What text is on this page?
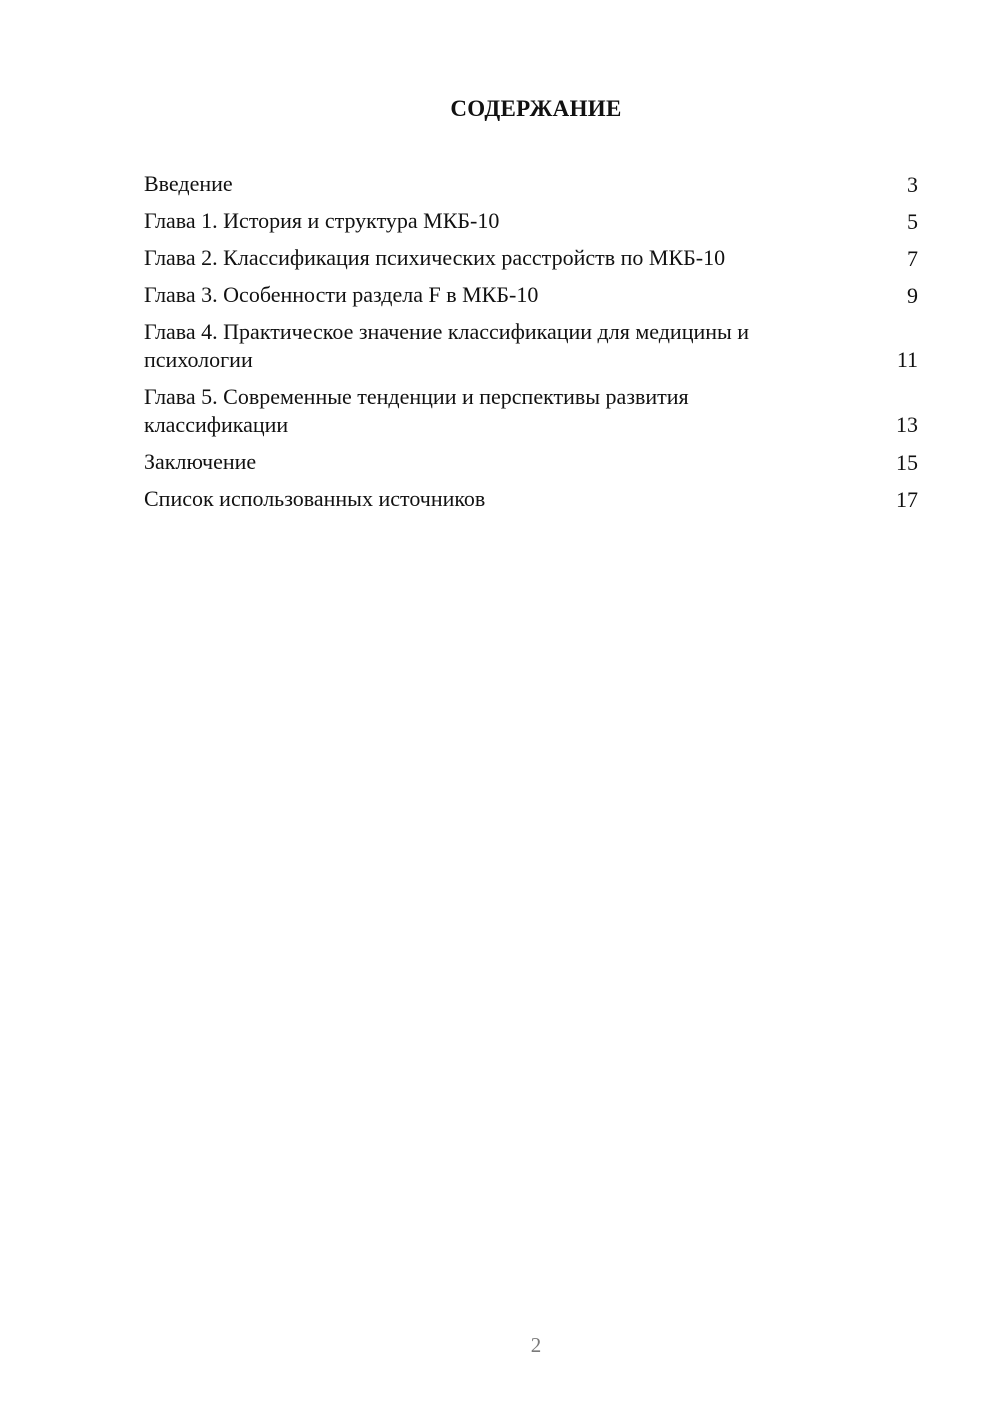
СОДЕРЖАНИЕ
Введение	3
Глава 1. История и структура МКБ-10	5
Глава 2. Классификация психических расстройств по МКБ-10	7
Глава 3. Особенности раздела F в МКБ-10	9
Глава 4. Практическое значение классификации для медицины и психологии	11
Глава 5. Современные тенденции и перспективы развития классификации	13
Заключение	15
Список использованных источников	17
2
